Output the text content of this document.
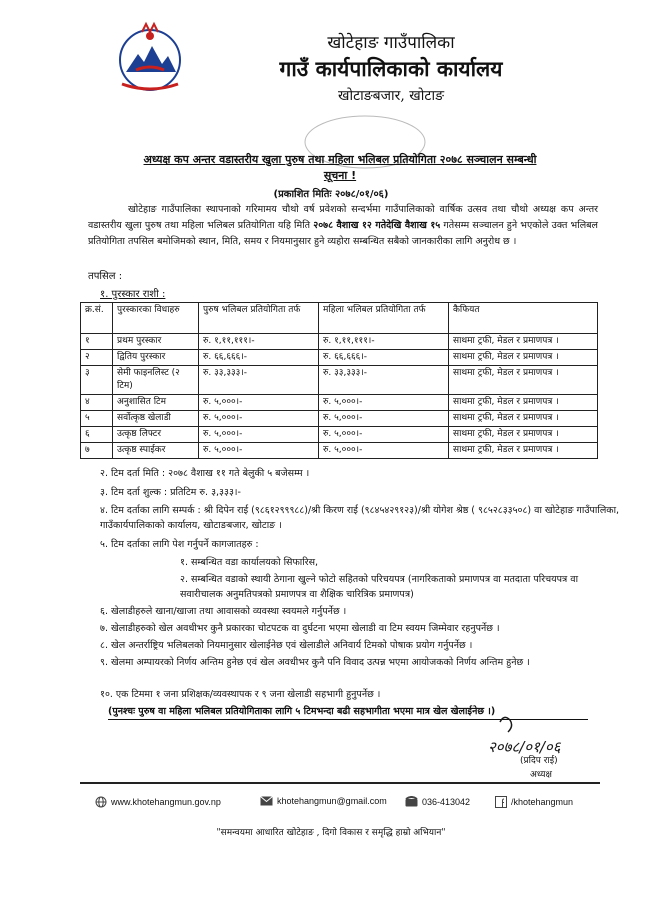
खोटेहाङ गाउँपालिका
गाउँ कार्यपालिकाको कार्यालय
खोटाङबजार, खोटाङ
अध्यक्ष कप अन्तर वडास्तरीय खुला पुरुष तथा महिला भलिबल प्रतियोगिता २०७८ सञ्चालन सम्बन्धी
सूचना !
(प्रकाशित मितिः २०७८/०१/०६)
खोटेहाङ गाउँपालिका स्थापनाको गरिमामय चौथो वर्ष प्रवेशको सन्दर्भमा गाउँपालिकाको वार्षिक उत्सव तथा चौथो अध्यक्ष कप अन्तर वडास्तरीय खुला पुरुष तथा महिला भलिबल प्रतियोगिता यहि मिति २०७८ वैशाख १२ गतेदेखि वैशाख १५ गतेसम्म सञ्चालन हुने भएकोले उक्त भलिबल प्रतियोगिता तपसिल बमोजिमको स्थान, मिति, समय र नियमानुसार हुने व्यहोरा सम्बन्धित सबैको जानकारीका लागि अनुरोध छ ।
तपसिल :
१. पुरस्कार राशी :
क्र.सं.	पुरस्कारका विधाहरु	पुरुष भलिबल प्रतियोगिता तर्फ	महिला भलिबल प्रतियोगिता तर्फ	कैफियत
१	प्रथम पुरस्कार	रु. १,११,१११।-	रु. १,११,१११।-	साथमा ट्रफी, मेडल र प्रमाणपत्र ।
२	द्वितिय पुरस्कार	रु. ६६,६६६।-	रु. ६६,६६६।-	साथमा ट्रफी, मेडल र प्रमाणपत्र ।
३	सेमी फाइनलिस्ट (२ टिम)	रु. ३३,३३३।-	रु. ३३,३३३।-	साथमा ट्रफी, मेडल र प्रमाणपत्र ।
४	अनुशासित टिम	रु. ५,०००।-	रु. ५,०००।-	साथमा ट्रफी, मेडल र प्रमाणपत्र ।
५	सर्वोत्कृष्ठ खेलाडी	रु. ५,०००।-	रु. ५,०००।-	साथमा ट्रफी, मेडल र प्रमाणपत्र ।
६	उत्कृष्ठ लिफ्टर	रु. ५,०००।-	रु. ५,०००।-	साथमा ट्रफी, मेडल र प्रमाणपत्र ।
७	उत्कृष्ठ स्पाईकर	रु. ५,०००।-	रु. ५,०००।-	साथमा ट्रफी, मेडल र प्रमाणपत्र ।
२. टिम दर्ता मिति : २०७८ वैशाख ११ गते बेलुकी ५ बजेसम्म ।
३. टिम दर्ता शुल्क : प्रतिटिम रु. ३,३३३।-
४. टिम दर्ताका लागि सम्पर्क : श्री दिपेन राई (९८६१२९९९८८)/श्री किरण राई (९८४५४२९१२३)/श्री योगेश श्रेष्ठ ( ९८५२८३३५०८) वा खोटेहाङ गाउँपालिका, गाउँकार्यपालिकाको कार्यालय, खोटाङबजार, खोटाङ ।
५. टिम दर्ताका लागि पेश गर्नुपर्ने कागजातहरु :
१. सम्बन्धित वडा कार्यालयको सिफारिस,
२. सम्बन्धित वडाको स्थायी ठेगाना खुल्ने फोटो सहितको परिचयपत्र (नागरिकताको प्रमाणपत्र वा मतदाता परिचयपत्र वा सवारीचालक अनुमतिपत्रको प्रमाणपत्र वा शैक्षिक चारित्रिक प्रमाणपत्र)
६. खेलाडीहरुले खाना/खाजा तथा आवासको व्यवस्था स्वयमले गर्नुपर्नेछ ।
७. खेलाडीहरुको खेल अवधीभर कुनै प्रकारका चोटपटक वा दुर्घटना भएमा खेलाडी वा टिम स्वयम जिम्मेवार रहनुपर्नेछ ।
८. खेल अन्तर्राष्ट्रिय भलिबलको नियमानुसार खेलाईनेछ एवं खेलाडीले अनिवार्य टिमको पोषाक प्रयोग गर्नुपर्नेछ ।
९. खेलमा अम्पायरको निर्णय अन्तिम हुनेछ एवं खेल अवधीभर कुनै पनि विवाद उत्पन्न भएमा आयोजकको निर्णय अन्तिम हुनेछ ।
१०. एक टिममा १ जना प्रशिक्षक/व्यवस्थापक र ९ जना खेलाडी सहभागी हुनुपर्नेछ ।
(पुनश्चः पुरुष वा महिला भलिबल प्रतियोगिताका लागि ५ टिमभन्दा बढी सहभागीता भएमा मात्र खेल खेलाईनेछ ।)
२०७८/०१/०६
(प्रदिप राई)
अध्यक्ष
www.khotehangmun.gov.np	khotehangmun@gmail.com	036-413042	/khotehangmun
"समन्वयमा आधारित खोटेहाङ , दिगो विकास र समृद्धि हाम्रो अभियान"
